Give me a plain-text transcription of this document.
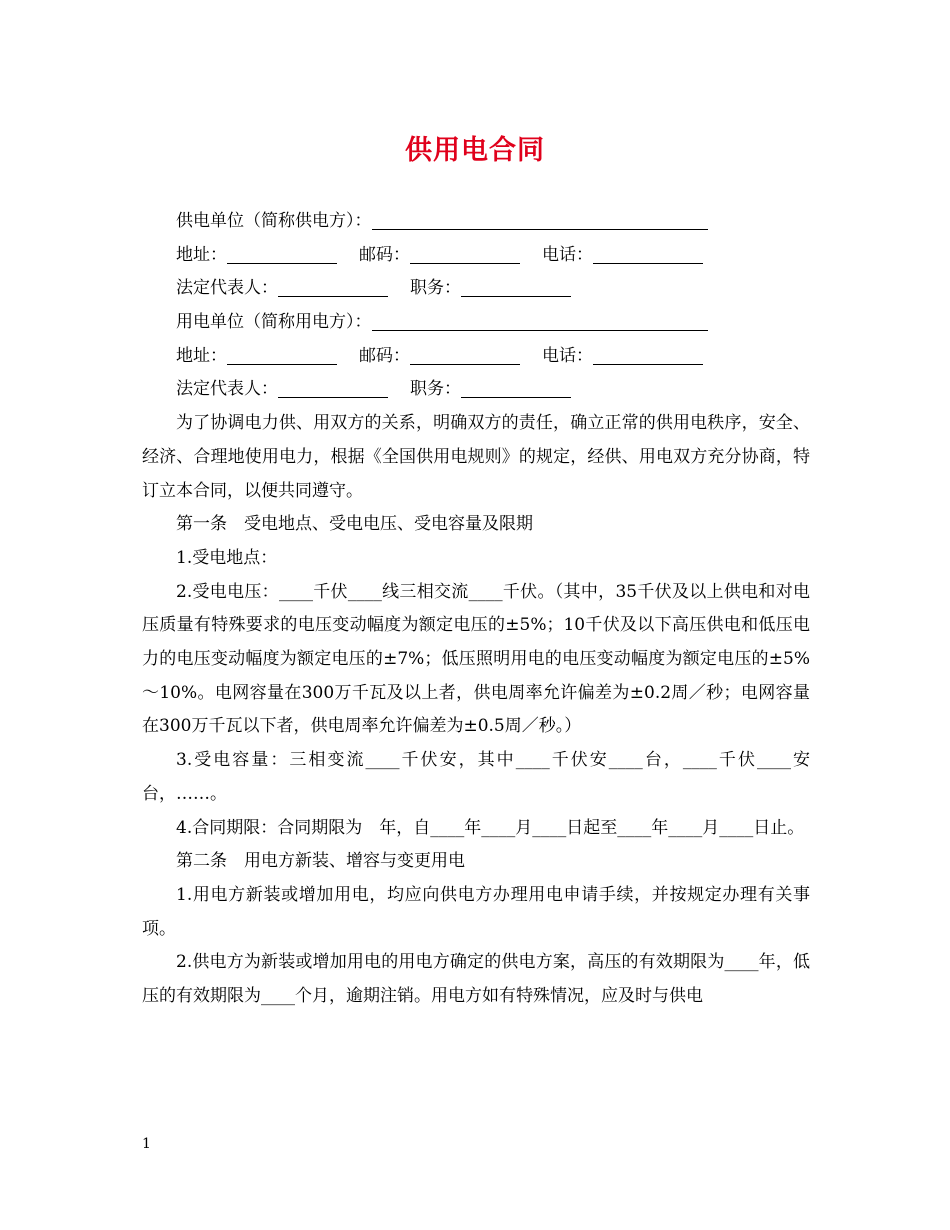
供用电合同
供电单位（简称供电方）：
地址：	邮码：	电话：
法定代表人：	职务：
用电单位（简称用电方）：
地址：	邮码：	电话：
法定代表人：	职务：

为了协调电力供、用双方的关系，明确双方的责任，确立正常的供用电秩序，安全、经济、合理地使用电力，根据《全国供用电规则》的规定，经供、用电双方充分协商，特订立本合同，以便共同遵守。

第一条　受电地点、受电电压、受电容量及限期

1.受电地点：

2.受电电压：____千伏____线三相交流____千伏。（其中，35千伏及以上供电和对电压质量有特殊要求的电压变动幅度为额定电压的±5%；10千伏及以下高压供电和低压电力的电压变动幅度为额定电压的±7%；低压照明用电的电压变动幅度为额定电压的±5%～10%。电网容量在300万千瓦及以上者，供电周率允许偏差为±0.2周／秒；电网容量在300万千瓦以下者，供电周率允许偏差为±0.5周／秒。）

3.受电容量：三相变流____千伏安，其中____千伏安____台，____千伏____安台，……。

4.合同期限：合同期限为　年，自____年____月____日起至____年____月____日止。

第二条　用电方新装、增容与变更用电

1.用电方新装或增加用电，均应向供电方办理用电申请手续，并按规定办理有关事项。

2.供电方为新装或增加用电的用电方确定的供电方案，高压的有效期限为____年，低压的有效期限为____个月，逾期注销。用电方如有特殊情况，应及时与供电

1
